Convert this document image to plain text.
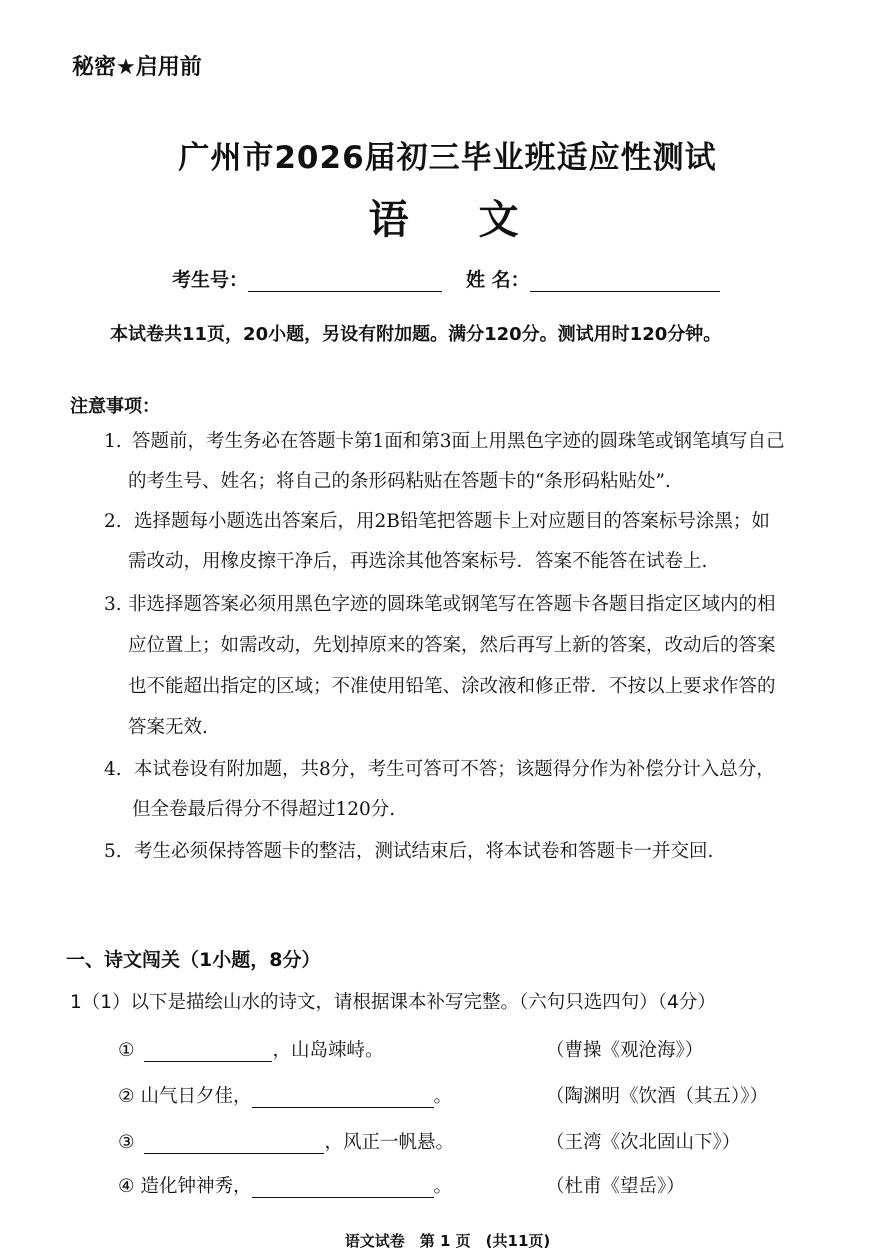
秘密★启用前
广州市2026届初三毕业班适应性测试
语 文
考生号：	姓 名：
本试卷共11页，20小题，另设有附加题。满分120分。测试用时120分钟。
注意事项：
1. 答题前，考生务必在答题卡第1面和第3面上用黑色字迹的圆珠笔或钢笔填写自己
的考生号、姓名；将自己的条形码粘贴在答题卡的“条形码粘贴处”.
2. 选择题每小题选出答案后，用2B铅笔把答题卡上对应题目的答案标号涂黑；如
需改动，用橡皮擦干净后，再选涂其他答案标号．答案不能答在试卷上.
3. 非选择题答案必须用黑色字迹的圆珠笔或钢笔写在答题卡各题目指定区域内的相
应位置上；如需改动，先划掉原来的答案，然后再写上新的答案，改动后的答案
也不能超出指定的区域；不准使用铅笔、涂改液和修正带．不按以上要求作答的
答案无效.
4. 本试卷设有附加题，共8分，考生可答可不答；该题得分作为补偿分计入总分，
但全卷最后得分不得超过120分.
5. 考生必须保持答题卡的整洁，测试结束后，将本试卷和答题卡一并交回.
一、诗文闯关（1小题，8分）
1（1）以下是描绘山水的诗文，请根据课本补写完整。（六句只选四句）（4分）
①	，山岛竦峙。	（曹操《观沧海》）
② 山气日夕佳，	。	（陶渊明《饮酒（其五）》）
③	，风正一帆悬。	（王湾《次北固山下》）
④ 造化钟神秀，	。	（杜甫《望岳》）
语文试卷　第 1 页　(共11页)
